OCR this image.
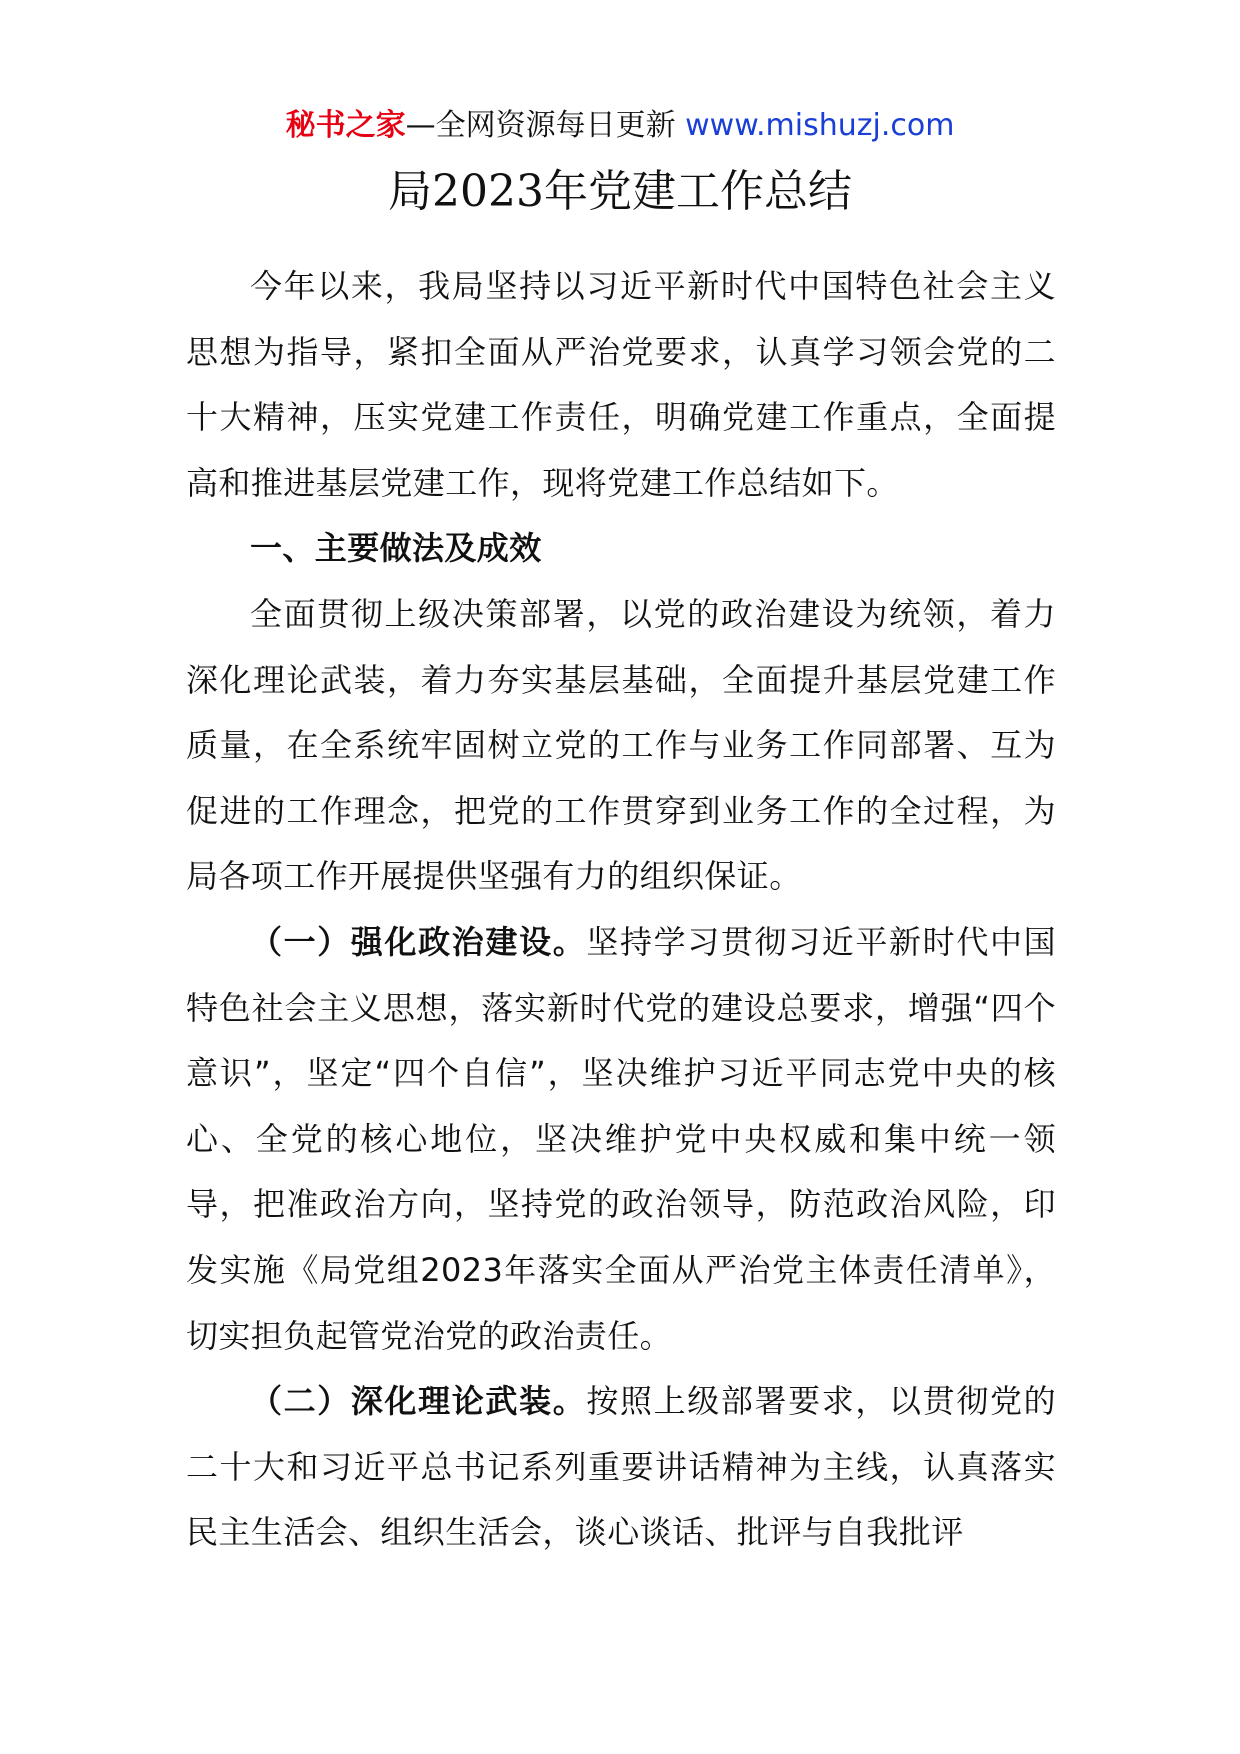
秘书之家—全网资源每日更新 www.mishuzj.com
局2023年党建工作总结

今年以来，我局坚持以习近平新时代中国特色社会主义思想为指导，紧扣全面从严治党要求，认真学习领会党的二十大精神，压实党建工作责任，明确党建工作重点，全面提高和推进基层党建工作，现将党建工作总结如下。

一、主要做法及成效

全面贯彻上级决策部署，以党的政治建设为统领，着力深化理论武装，着力夯实基层基础，全面提升基层党建工作质量，在全系统牢固树立党的工作与业务工作同部署、互为促进的工作理念，把党的工作贯穿到业务工作的全过程，为局各项工作开展提供坚强有力的组织保证。

（一）强化政治建设。坚持学习贯彻习近平新时代中国特色社会主义思想，落实新时代党的建设总要求，增强“四个意识”，坚定“四个自信”，坚决维护习近平同志党中央的核心、全党的核心地位，坚决维护党中央权威和集中统一领导，把准政治方向，坚持党的政治领导，防范政治风险，印发实施《局党组2023年落实全面从严治党主体责任清单》，切实担负起管党治党的政治责任。

（二）深化理论武装。按照上级部署要求，以贯彻党的二十大和习近平总书记系列重要讲话精神为主线，认真落实民主生活会、组织生活会，谈心谈话、批评与自我批评
